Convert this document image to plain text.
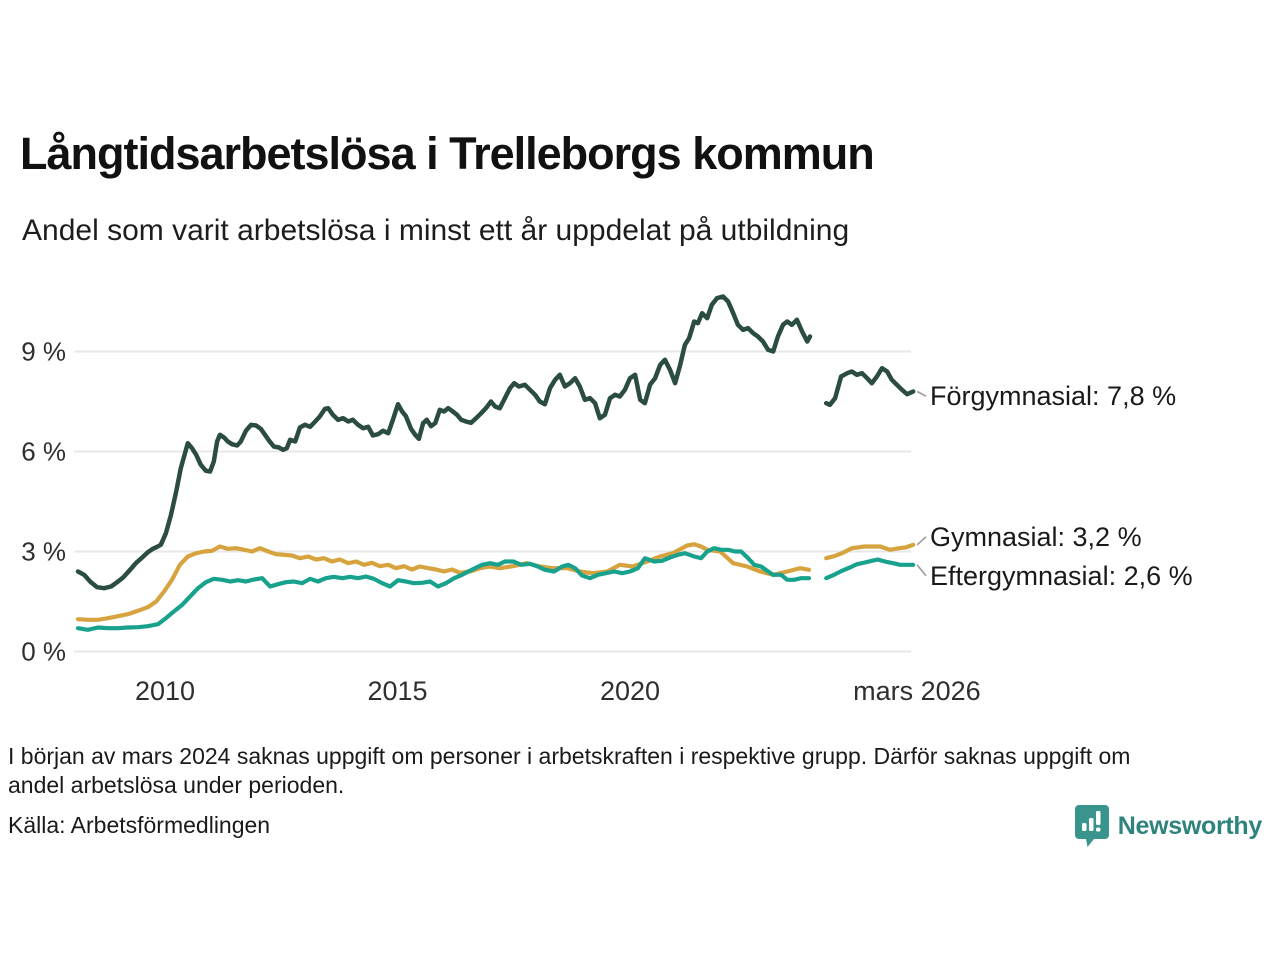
Långtidsarbetslösa i Trelleborgs kommun
Andel som varit arbetslösa i minst ett år uppdelat på utbildning
9 %
6 %
3 %
0 %
2010	2015	2020	mars 2026
Förgymnasial: 7,8 %
Gymnasial: 3,2 %
Eftergymnasial: 2,6 %
I början av mars 2024 saknas uppgift om personer i arbetskraften i respektive grupp. Därför saknas uppgift om
andel arbetslösa under perioden.
Källa: Arbetsförmedlingen	Newsworthy
